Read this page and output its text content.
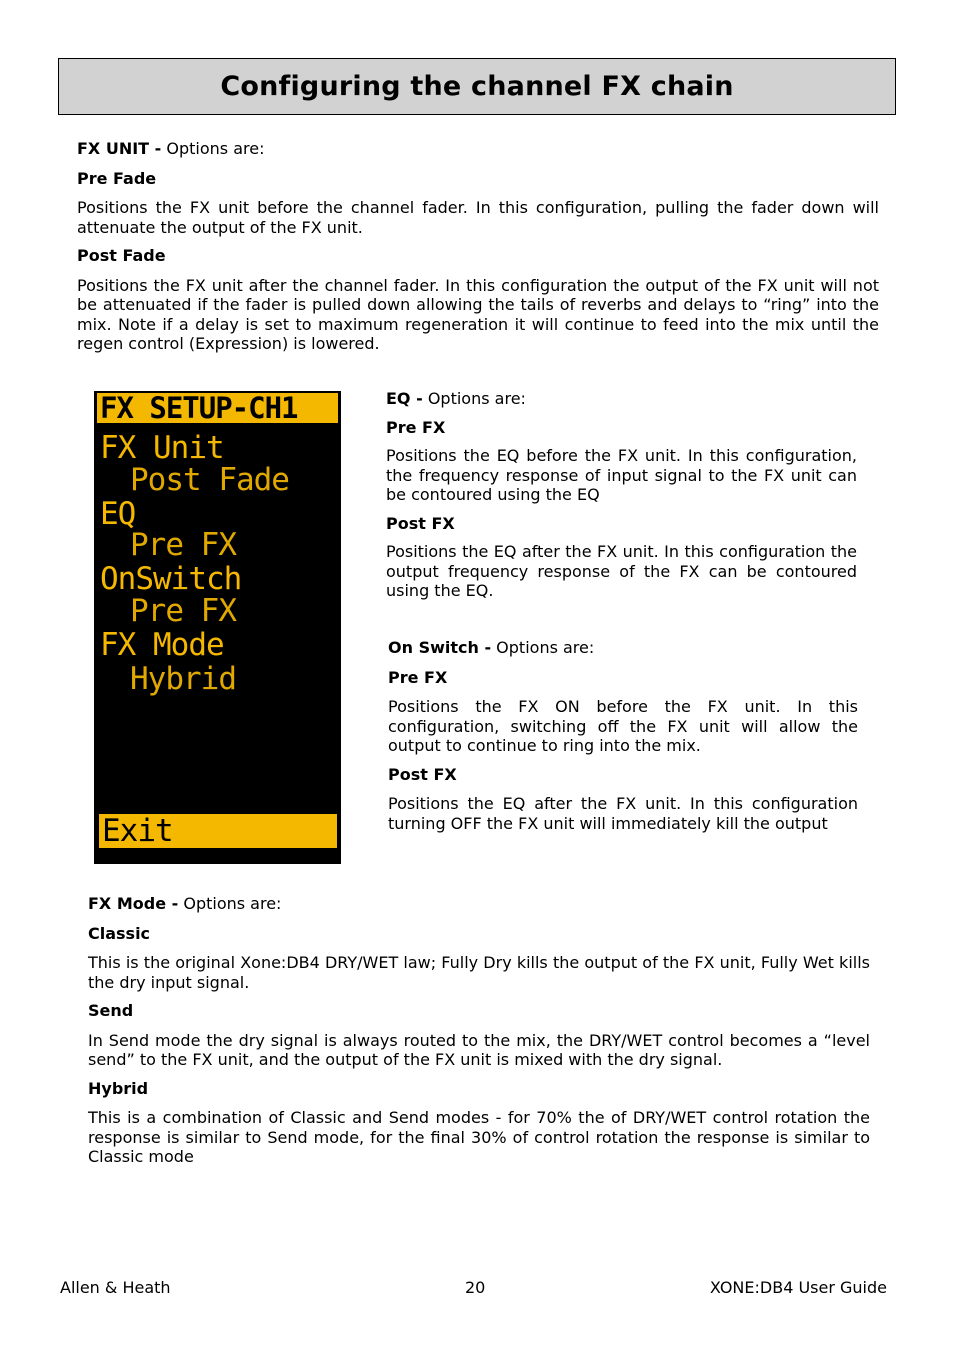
Configuring the channel FX chain

FX UNIT - Options are:

Pre Fade

Positions the FX unit before the channel fader. In this configuration, pulling the fader down will attenuate the output of the FX unit.

Post Fade

Positions the FX unit after the channel fader. In this configuration the output of the FX unit will not be attenuated if the fader is pulled down allowing the tails of reverbs and delays to “ring” into the mix. Note if a delay is set to maximum regeneration it will continue to feed into the mix until the regen control (Expression) is lowered.

FX SETUP-CH1
FX Unit
Post Fade
EQ
Pre FX
OnSwitch
Pre FX
FX Mode
Hybrid
Exit

EQ - Options are:

Pre FX

Positions the EQ before the FX unit. In this configuration, the frequency response of input signal to the FX unit can be contoured using the EQ

Post FX

Positions the EQ after the FX unit. In this configuration the output frequency response of the FX can be contoured using the EQ.

On Switch - Options are:

Pre FX

Positions the FX ON before the FX unit. In this configuration, switching off the FX unit will allow the output to continue to ring into the mix.

Post FX

Positions the EQ after the FX unit. In this configuration turning OFF the FX unit will immediately kill the output

FX Mode - Options are:

Classic

This is the original Xone:DB4 DRY/WET law; Fully Dry kills the output of the FX unit, Fully Wet kills the dry input signal.

Send

In Send mode the dry signal is always routed to the mix, the DRY/WET control becomes a “level send” to the FX unit, and the output of the FX unit is mixed with the dry signal.

Hybrid

This is a combination of Classic and Send modes - for 70% the of DRY/WET control rotation the response is similar to Send mode, for the final 30% of control rotation the response is similar to Classic mode

Allen & Heath	20	XONE:DB4 User Guide
